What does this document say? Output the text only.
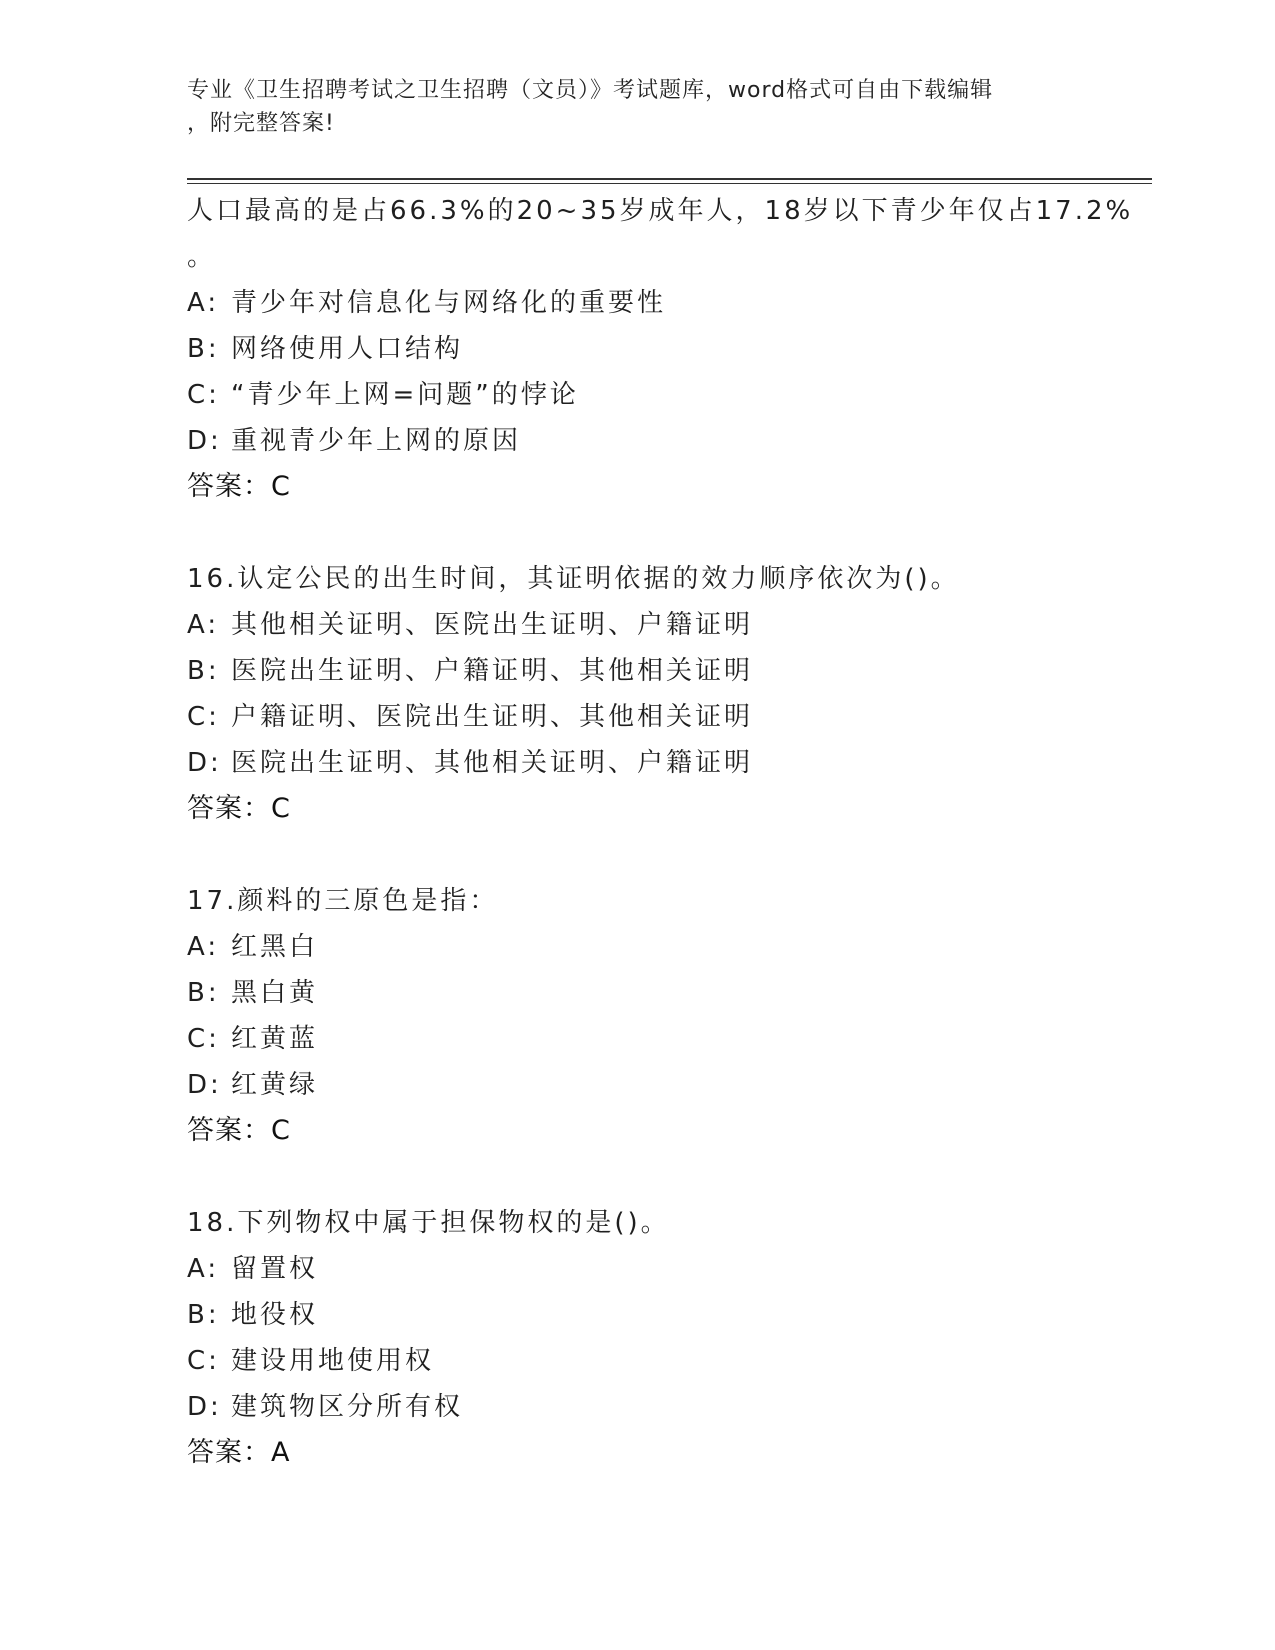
专业《卫生招聘考试之卫生招聘（文员）》考试题库，word格式可自由下载编辑
，附完整答案!
人口最高的是占66.3%的20~35岁成年人，18岁以下青少年仅占17.2%
。
A: 青少年对信息化与网络化的重要性
B: 网络使用人口结构
C: “青少年上网=问题”的悖论
D: 重视青少年上网的原因
答案：C
16.认定公民的出生时间，其证明依据的效力顺序依次为()。
A: 其他相关证明、医院出生证明、户籍证明
B: 医院出生证明、户籍证明、其他相关证明
C: 户籍证明、医院出生证明、其他相关证明
D: 医院出生证明、其他相关证明、户籍证明
答案：C
17.颜料的三原色是指：
A: 红黑白
B: 黑白黄
C: 红黄蓝
D: 红黄绿
答案：C
18.下列物权中属于担保物权的是()。
A: 留置权
B: 地役权
C: 建设用地使用权
D: 建筑物区分所有权
答案：A
